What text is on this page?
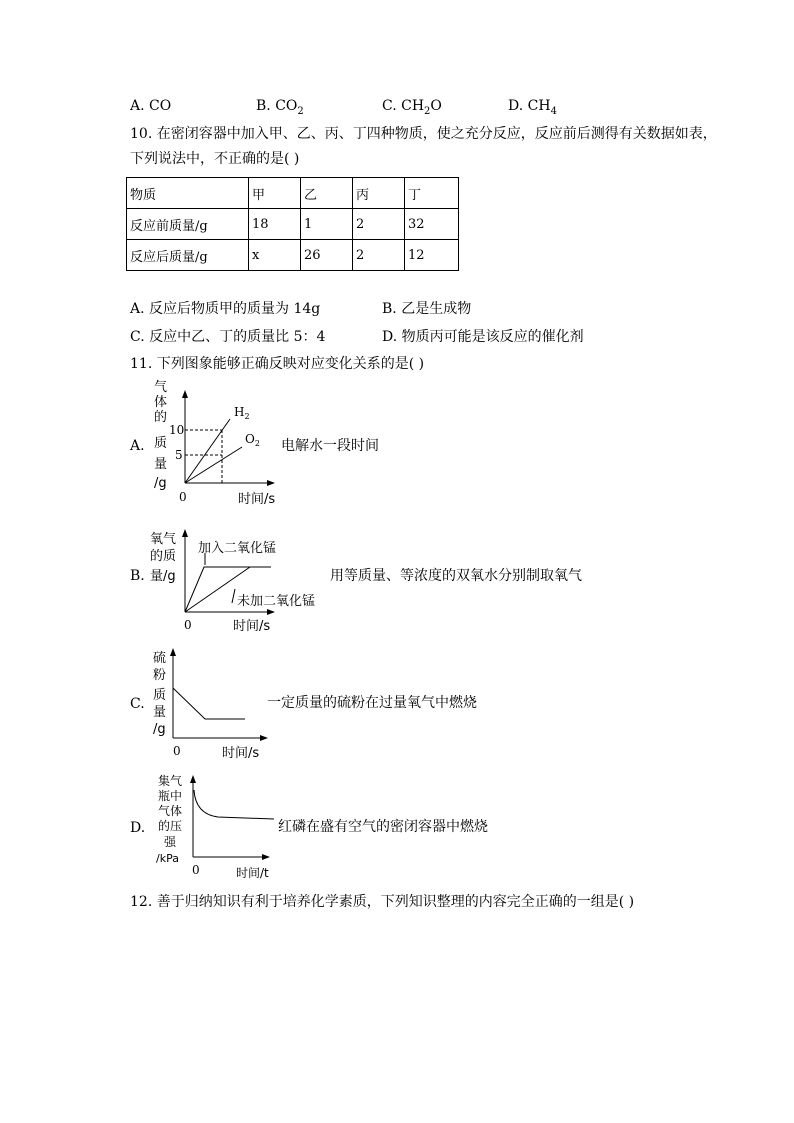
A. CO	B. $CO_2$	C. $CH_2O$	D. $CH_4$
10. 在密闭容器中加入甲、乙、丙、丁四种物质，使之充分反应，反应前后测得有关数据如表，
下列说法中，不正确的是( )
物质	甲	乙	丙	丁
反应前质量/g	18	1	2	32
反应后质量/g	x	26	2	12
A. 反应后物质甲的质量为 14g	B. 乙是生成物
C. 反应中乙、丁的质量比 5：4	D. 物质丙可能是该反应的催化剂
11. 下列图象能够正确反映对应变化关系的是( )
A.
气
体
的
质
量
/g
10
5
$H_2$
$O_2$
0	时间/s
电解水一段时间
B.
氧气
的质
量/g
加入二氧化锰
未加二氧化锰
0	时间/s
用等质量、等浓度的双氧水分别制取氧气
C.
硫
粉
质
量
/g
0	时间/s
一定质量的硫粉在过量氧气中燃烧
D.
集气
瓶中
气体
的压
强
/kPa
0	时间/t
红磷在盛有空气的密闭容器中燃烧
12. 善于归纳知识有利于培养化学素质，下列知识整理的内容完全正确的一组是( )
